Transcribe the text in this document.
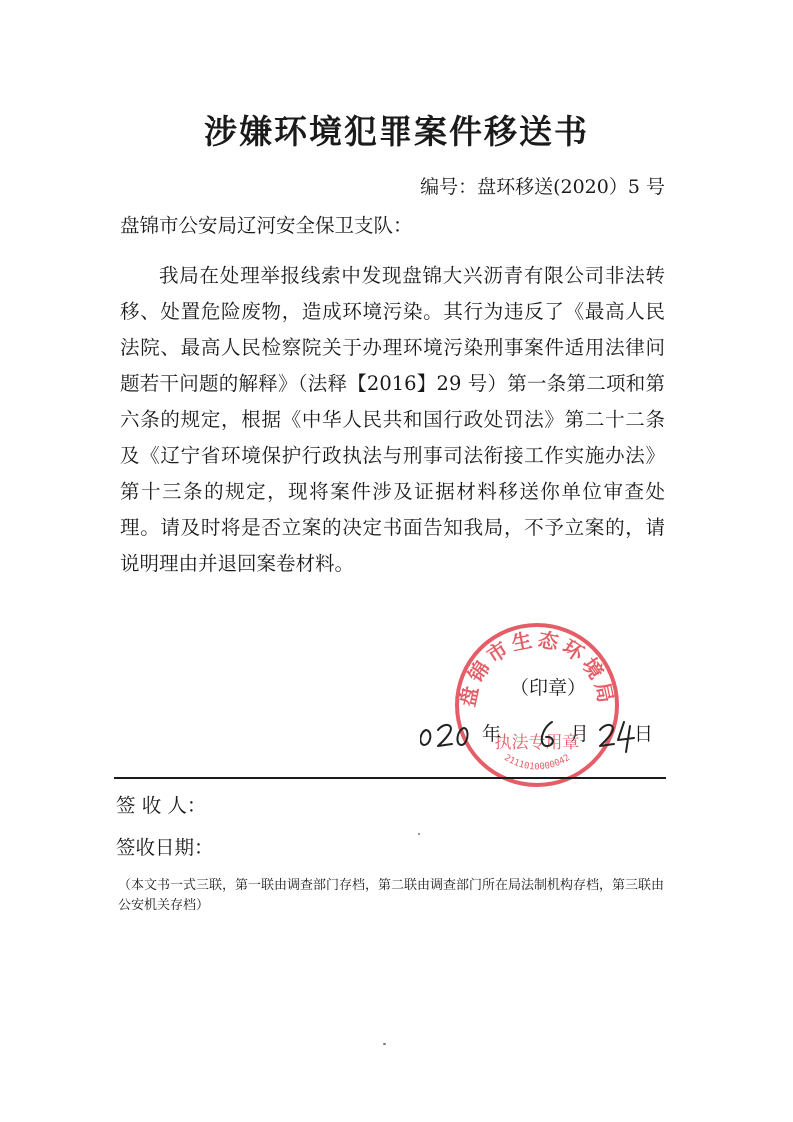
涉嫌环境犯罪案件移送书
编号：盘环移送(2020）5 号
盘锦市公安局辽河安全保卫支队：
我局在处理举报线索中发现盘锦大兴沥青有限公司非法转移、处置危险废物，造成环境污染。其行为违反了《最高人民法院、最高人民检察院关于办理环境污染刑事案件适用法律问题若干问题的解释》（法释【2016】29 号）第一条第二项和第六条的规定，根据《中华人民共和国行政处罚法》第二十二条及《辽宁省环境保护行政执法与刑事司法衔接工作实施办法》第十三条的规定，现将案件涉及证据材料移送你单位审查处理。请及时将是否立案的决定书面告知我局，不予立案的，请说明理由并退回案卷材料。
盘锦市生态环境局
执法专用章
2111010000042
（印章）
年	月 日
签 收 人：
签收日期：
（本文书一式三联，第一联由调查部门存档，第二联由调查部门所在局法制机构存档，第三联由公安机关存档）
